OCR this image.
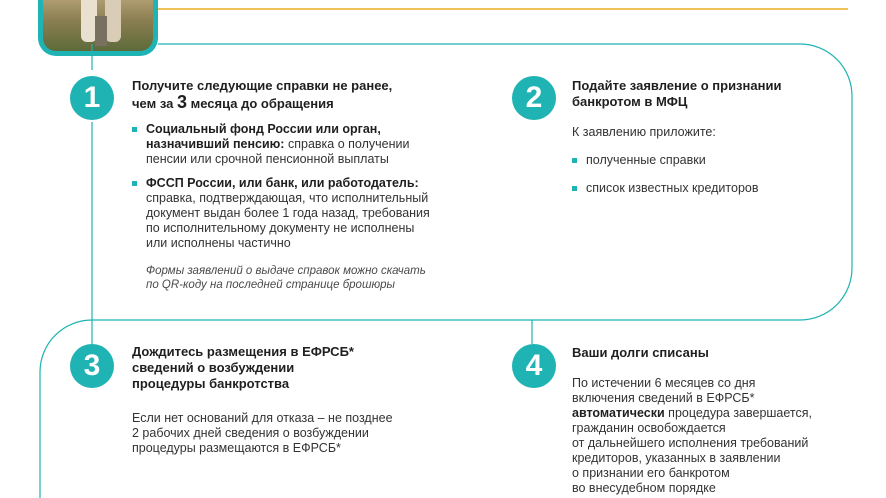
1	Получите следующие справки не ранее,
чем за 3 месяца до обращения
Социальный фонд России или орган,
назначивший пенсию: справка о получении
пенсии или срочной пенсионной выплаты
ФССП России, или банк, или работодатель:
справка, подтверждающая, что исполнительный
документ выдан более 1 года назад, требования
по исполнительному документу не исполнены
или исполнены частично
Формы заявлений о выдаче справок можно скачать
по QR-коду на последней странице брошюры
2	Подайте заявление о признании
банкротом в МФЦ
К заявлению приложите:
полученные справки
список известных кредиторов
3	Дождитесь размещения в ЕФРСБ*
сведений о возбуждении
процедуры банкротства
Если нет оснований для отказа – не позднее
2 рабочих дней сведения о возбуждении
процедуры размещаются в ЕФРСБ*
4	Ваши долги списаны
По истечении 6 месяцев со дня
включения сведений в ЕФРСБ*
автоматически процедура завершается,
гражданин освобождается
от дальнейшего исполнения требований
кредиторов, указанных в заявлении
о признании его банкротом
во внесудебном порядке
